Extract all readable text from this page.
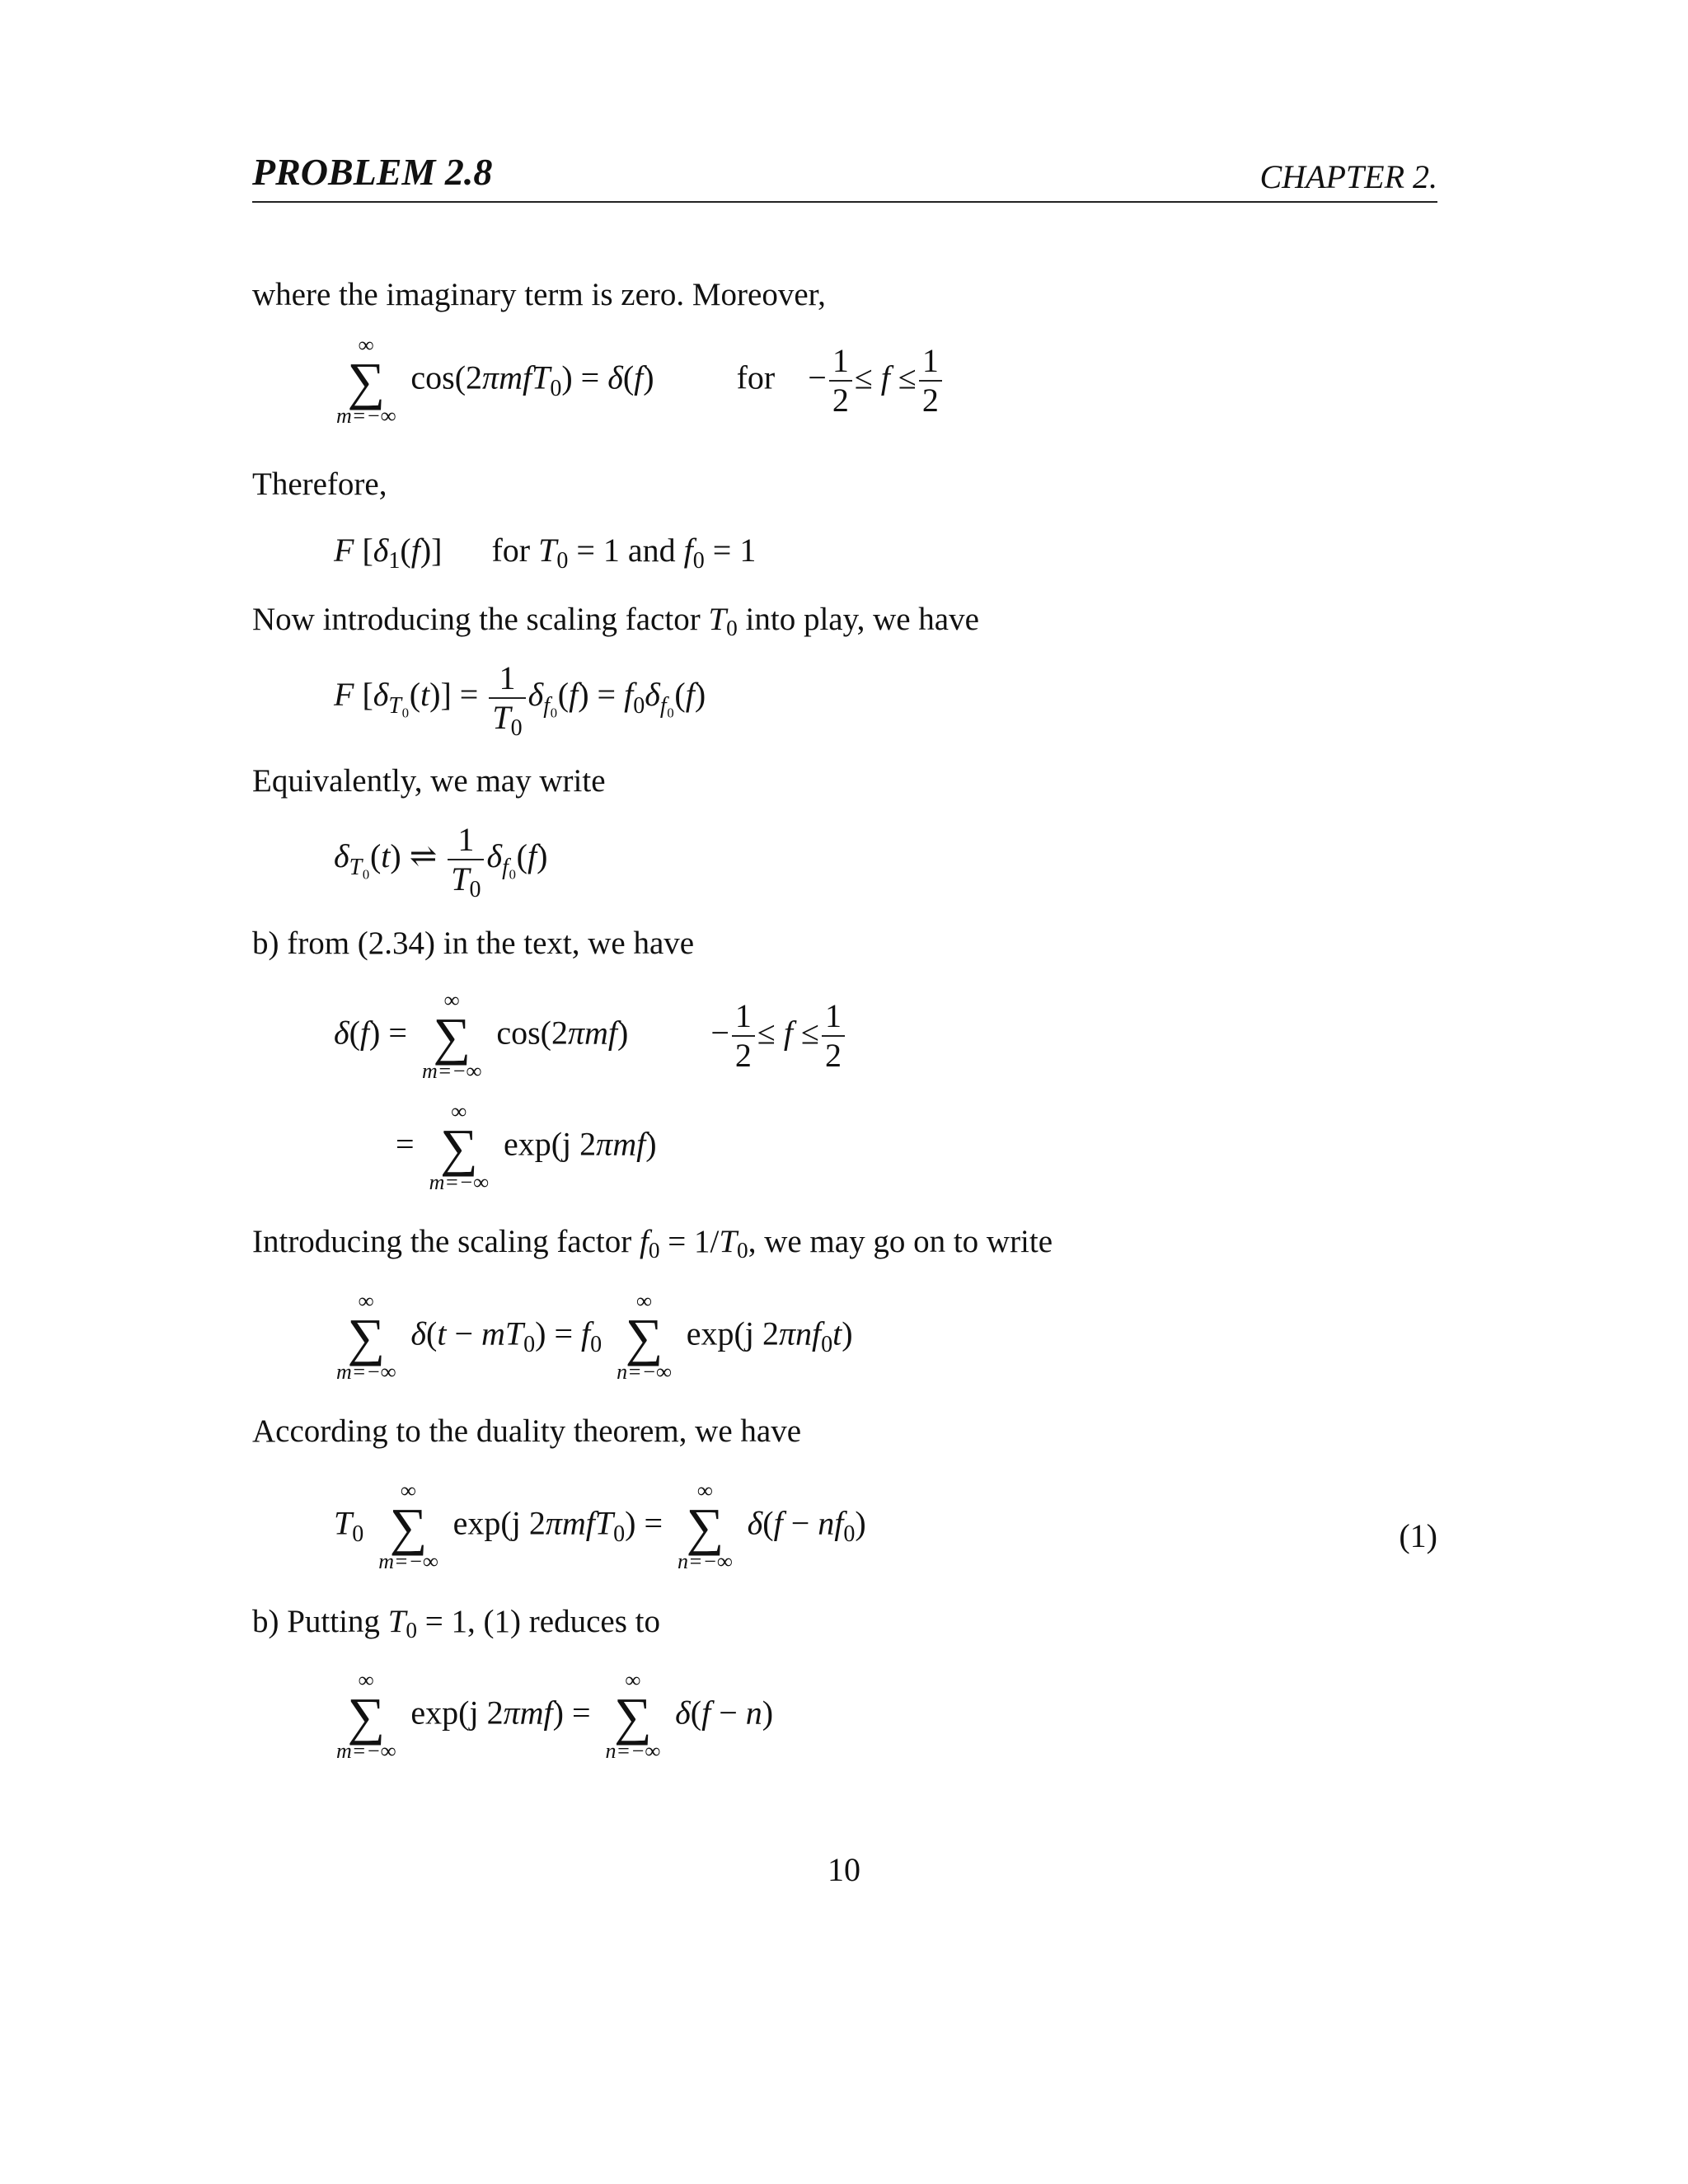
PROBLEM 2.8	CHAPTER 2.
where the imaginary term is zero. Moreover,
∞
∑
m=−∞
cos(2πmfT$_0$) = δ(f)	for − $\frac{1}{2} \le f \le \frac{1}{2}$
Therefore,
F $[\delta_1(f)]$ for $T_0 = 1$ and $f_0 = 1$
Now introducing the scaling factor T0 into play, we have
F $[\delta_{T_0}(t)] = \frac{1}{T_0} \delta_{f_0}(f) = f_0\delta_{f_0}(f)$
Equivalently, we may write
$\delta_{T_0}(t)$ ⇌ $\frac{1}{T_0} \delta_{f_0}(f)$
b) from (2.34) in the text, we have
δ(f) =
∞
∑
m=−∞
cos(2πmf)	− $\frac{1}{2} \le f \le \frac{1}{2}$
=
∞
∑
m=−∞
exp(j 2πmf)
Introducing the scaling factor f0 = 1/T0, we may go on to write
∞
∑
m=−∞
$\delta(t - mT_0) = f_0$
∞
∑
n=−∞
exp(j 2πnf$_0$t)
According to the duality theorem, we have
$T_0$
∞
∑
m=−∞
exp(j 2πmfT$_0$) =
∞
∑
n=−∞
$\delta(f - nf_0)$	(1)
b) Putting T0 = 1, (1) reduces to
∞
∑
m=−∞
exp(j 2πmf) =
∞
∑
n=−∞
δ(f − n)
10
